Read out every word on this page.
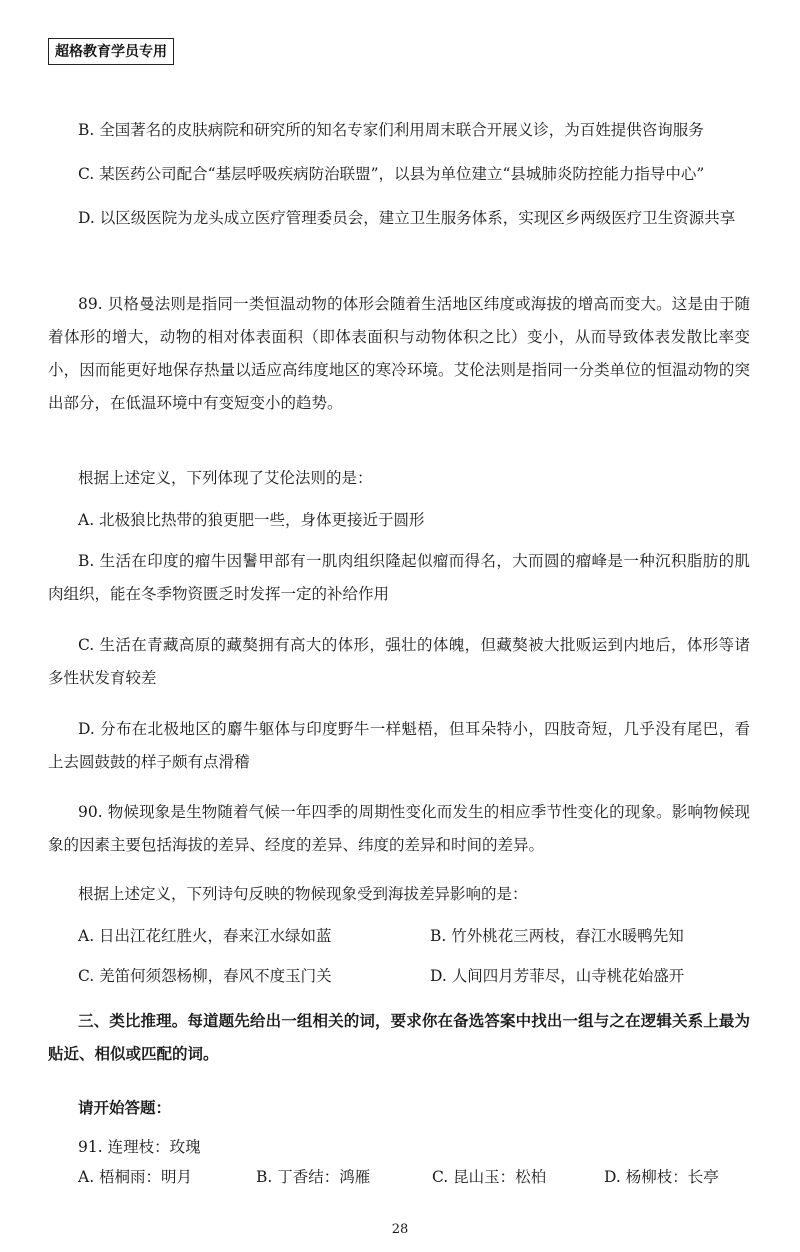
超格教育学员专用

B. 全国著名的皮肤病院和研究所的知名专家们利用周末联合开展义诊，为百姓提供咨询服务

C. 某医药公司配合“基层呼吸疾病防治联盟”，以县为单位建立“县城肺炎防控能力指导中心”

D. 以区级医院为龙头成立医疗管理委员会，建立卫生服务体系，实现区乡两级医疗卫生资源共享

89. 贝格曼法则是指同一类恒温动物的体形会随着生活地区纬度或海拔的增高而变大。这是由于随着体形的增大，动物的相对体表面积（即体表面积与动物体积之比）变小，从而导致体表发散比率变小，因而能更好地保存热量以适应高纬度地区的寒冷环境。艾伦法则是指同一分类单位的恒温动物的突出部分，在低温环境中有变短变小的趋势。

根据上述定义，下列体现了艾伦法则的是：

A. 北极狼比热带的狼更肥一些，身体更接近于圆形

B. 生活在印度的瘤牛因鬐甲部有一肌肉组织隆起似瘤而得名，大而圆的瘤峰是一种沉积脂肪的肌肉组织，能在冬季物资匮乏时发挥一定的补给作用

C. 生活在青藏高原的藏獒拥有高大的体形，强壮的体魄，但藏獒被大批贩运到内地后，体形等诸多性状发育较差

D. 分布在北极地区的麝牛躯体与印度野牛一样魁梧，但耳朵特小，四肢奇短，几乎没有尾巴，看上去圆鼓鼓的样子颇有点滑稽

90. 物候现象是生物随着气候一年四季的周期性变化而发生的相应季节性变化的现象。影响物候现象的因素主要包括海拔的差异、经度的差异、纬度的差异和时间的差异。

根据上述定义，下列诗句反映的物候现象受到海拔差异影响的是：

A. 日出江花红胜火，春来江水绿如蓝	B. 竹外桃花三两枝，春江水暖鸭先知
C. 羌笛何须怨杨柳，春风不度玉门关	D. 人间四月芳菲尽，山寺桃花始盛开

三、类比推理。每道题先给出一组相关的词，要求你在备选答案中找出一组与之在逻辑关系上最为贴近、相似或匹配的词。

请开始答题：
91. 连理枝：玫瑰
A. 梧桐雨：明月	B. 丁香结：鸿雁	C. 昆山玉：松柏	D. 杨柳枝：长亭
28
